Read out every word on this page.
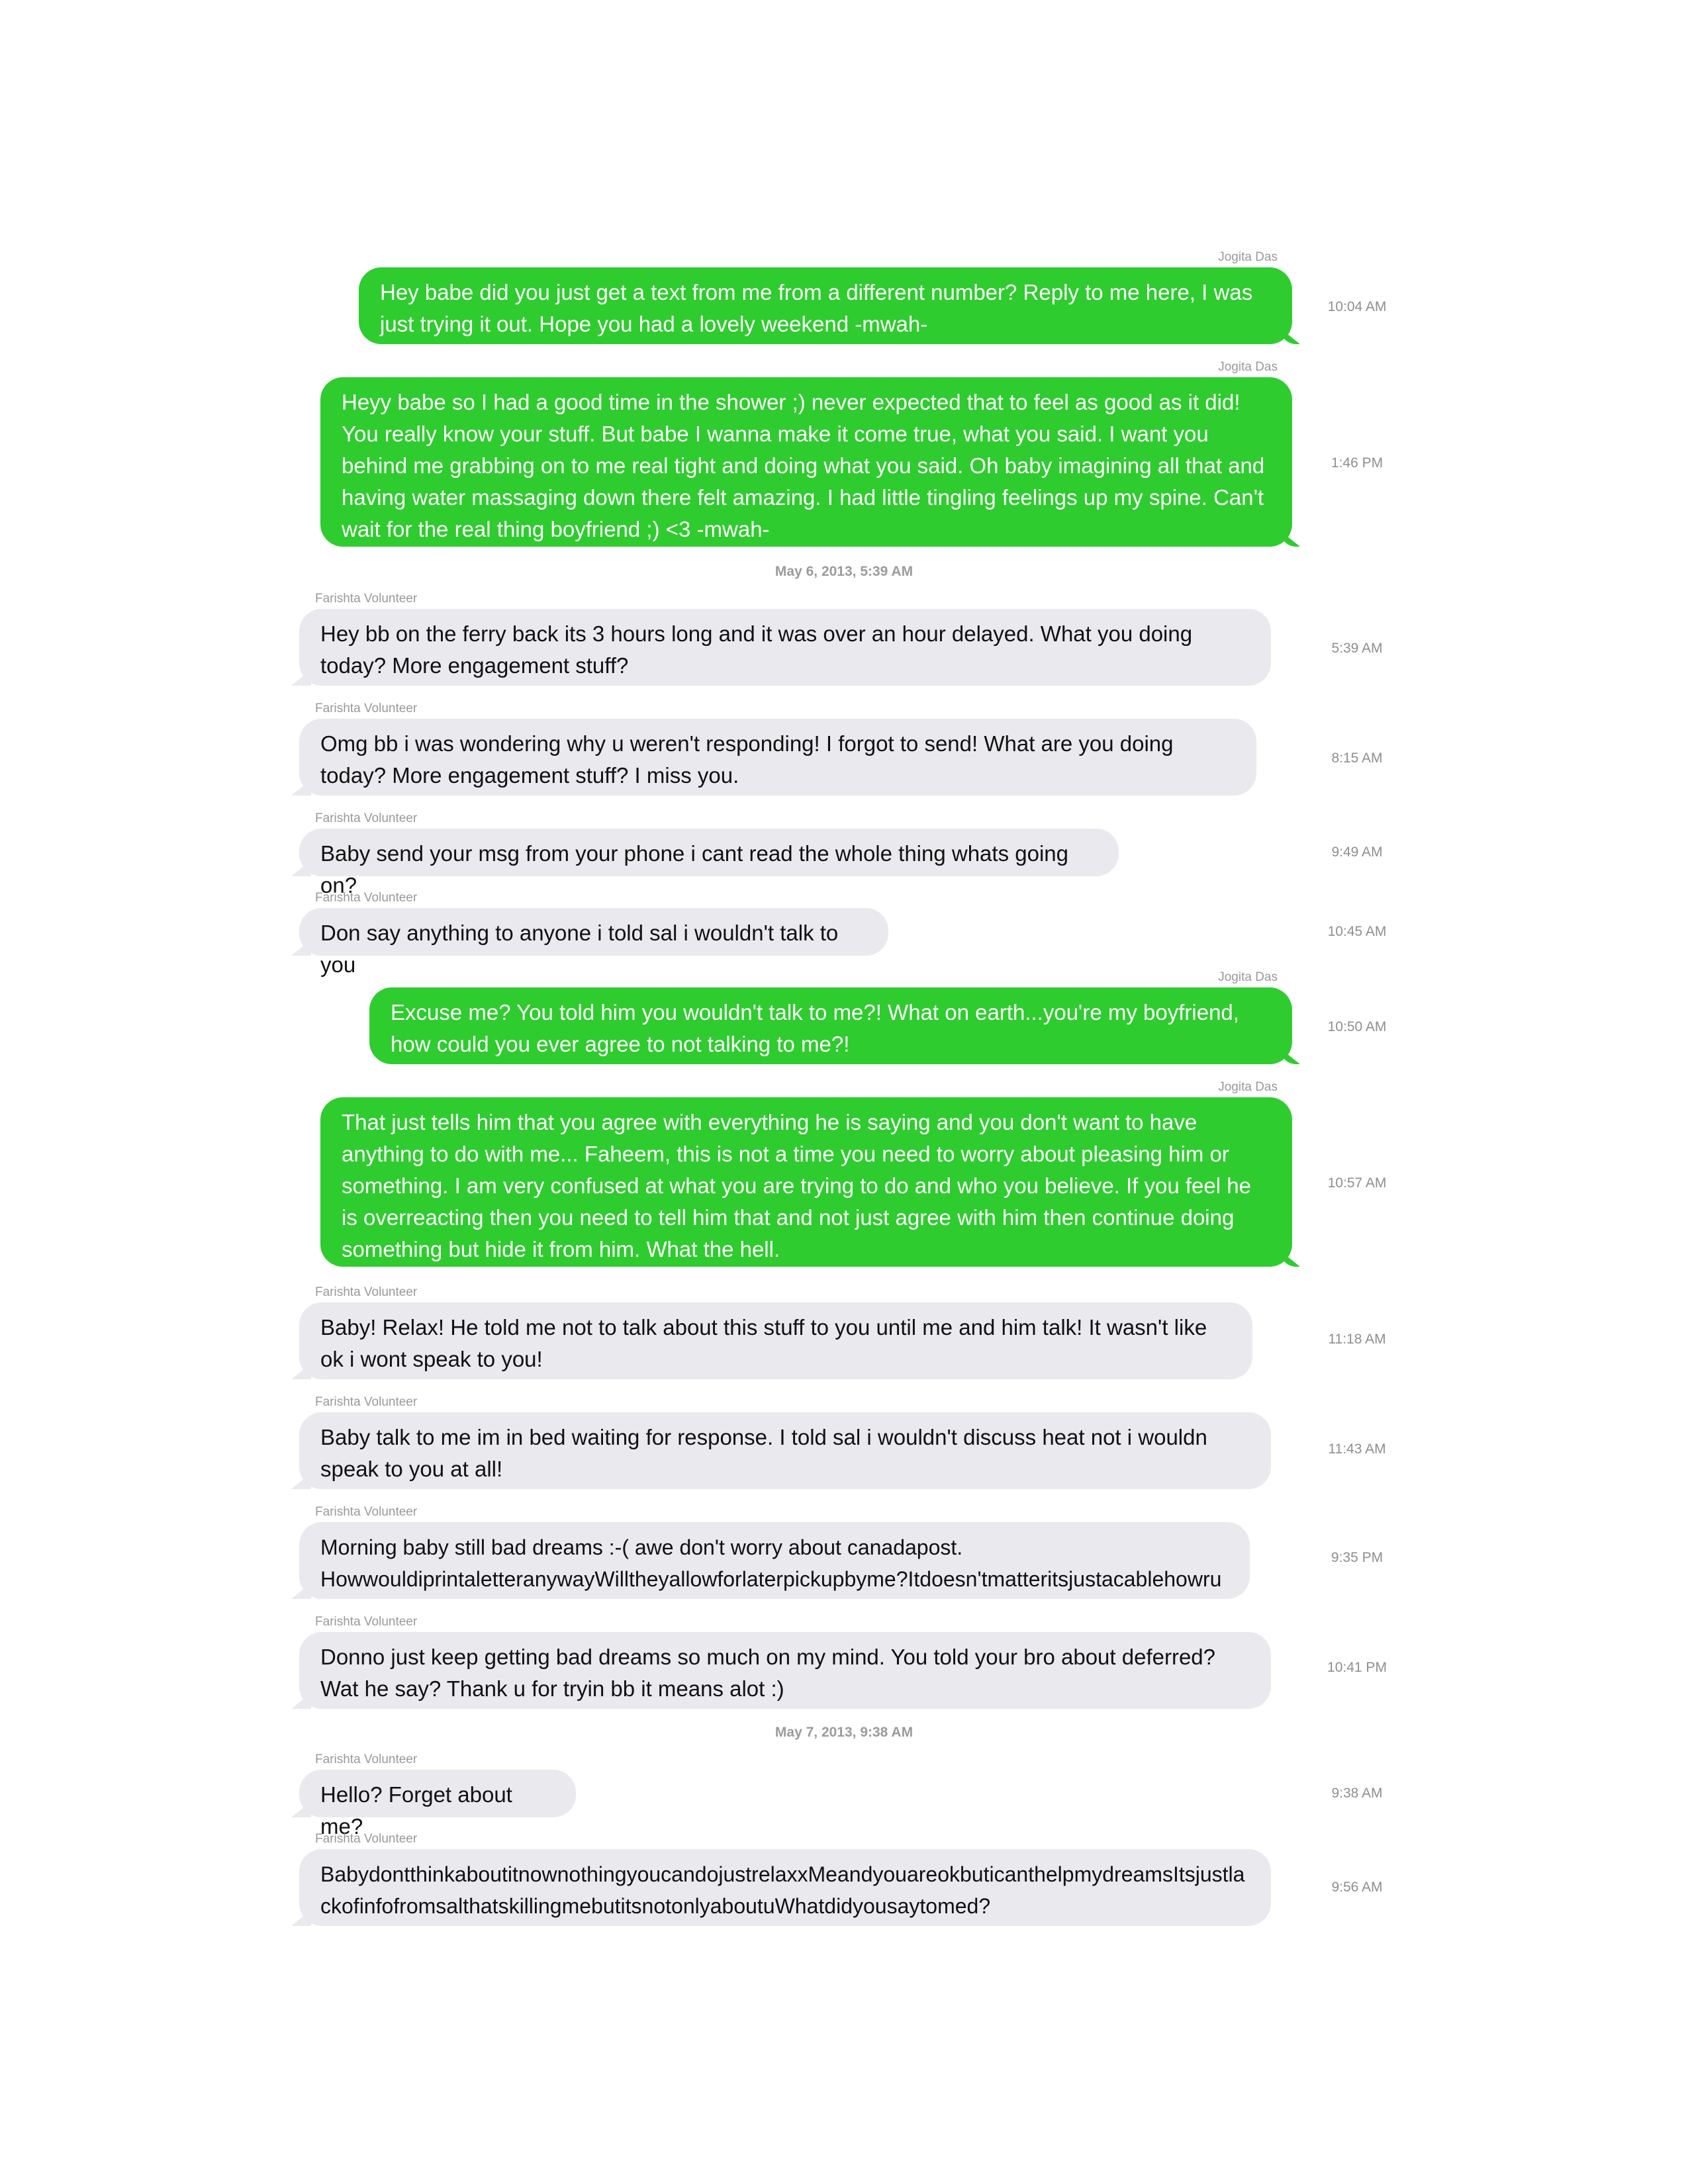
Jogita Das
Hey babe did you just get a text from me from a different number? Reply to me here, I was just trying it out. Hope you had a lovely weekend -mwah-
10:04 AM
Jogita Das
Heyy babe so I had a good time in the shower ;) never expected that to feel as good as it did! You really know your stuff. But babe I wanna make it come true, what you said. I want you behind me grabbing on to me real tight and doing what you said. Oh baby imagining all that and having water massaging down there felt amazing. I had little tingling feelings up my spine. Can't wait for the real thing boyfriend ;) <3 -mwah-
1:46 PM
May 6, 2013, 5:39 AM
Farishta Volunteer
Hey bb on the ferry back its 3 hours long and it was over an hour delayed. What you doing today? More engagement stuff?
5:39 AM
Farishta Volunteer
Omg bb i was wondering why u weren't responding! I forgot to send! What are you doing today? More engagement stuff? I miss you.
8:15 AM
Farishta Volunteer
Baby send your msg from your phone i cant read the whole thing whats going on?
9:49 AM
Farishta Volunteer
Don say anything to anyone i told sal i wouldn't talk to you
10:45 AM
Jogita Das
Excuse me? You told him you wouldn't talk to me?! What on earth...you're my boyfriend, how could you ever agree to not talking to me?!
10:50 AM
Jogita Das
That just tells him that you agree with everything he is saying and you don't want to have anything to do with me... Faheem, this is not a time you need to worry about pleasing him or something. I am very confused at what you are trying to do and who you believe. If you feel he is overreacting then you need to tell him that and not just agree with him then continue doing something but hide it from him. What the hell.
10:57 AM
Farishta Volunteer
Baby! Relax! He told me not to talk about this stuff to you until me and him talk! It wasn't like ok i wont speak to you!
11:18 AM
Farishta Volunteer
Baby talk to me im in bed waiting for response. I told sal i wouldn't discuss heat not i wouldn speak to you at all!
11:43 AM
Farishta Volunteer
Morning baby still bad dreams :-( awe don't worry about canadapost. HowwouldiprintaletteranywayWilltheyallowforlaterpickupbyme?Itdoesn'tmatteritsjustacablehowru
9:35 PM
Farishta Volunteer
Donno just keep getting bad dreams so much on my mind. You told your bro about deferred? Wat he say? Thank u for tryin bb it means alot :)
10:41 PM
May 7, 2013, 9:38 AM
Farishta Volunteer
Hello? Forget about me?
9:38 AM
Farishta Volunteer
BabydontthinkaboutitnownothingyoucandojustrelaxxMeandyouareokbuticanthelpmydreamsItsjustlackofinfofromsalthatskillingmebutitsnotonlyaboutuWhatdidyousaytomed?
9:56 AM
